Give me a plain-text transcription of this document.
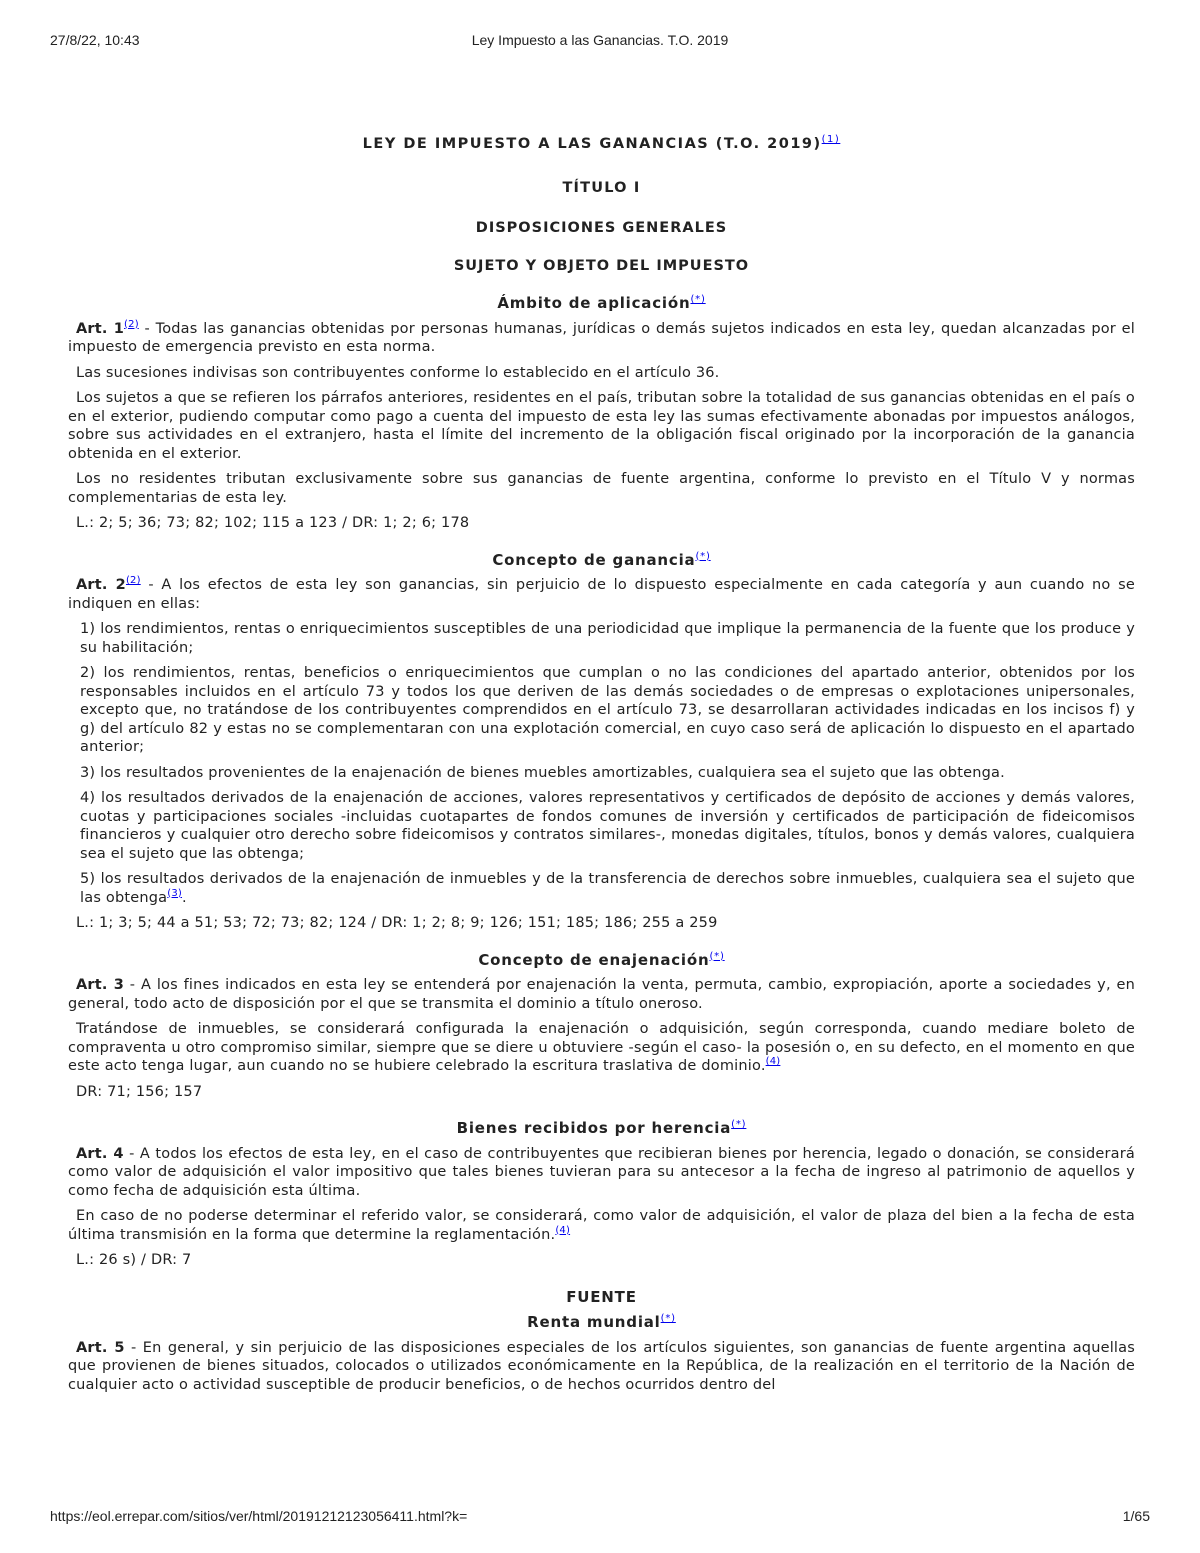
27/8/22, 10:43	Ley Impuesto a las Ganancias. T.O. 2019
LEY DE IMPUESTO A LAS GANANCIAS (T.O. 2019)$^{(1)}$
TÍTULO I
DISPOSICIONES GENERALES
SUJETO Y OBJETO DEL IMPUESTO
Ámbito de aplicación(*)

Art. 1$^{(2)}$ - Todas las ganancias obtenidas por personas humanas, jurídicas o demás sujetos indicados en esta ley, quedan alcanzadas por el impuesto de emergencia previsto en esta norma.

Las sucesiones indivisas son contribuyentes conforme lo establecido en el artículo 36.

Los sujetos a que se refieren los párrafos anteriores, residentes en el país, tributan sobre la totalidad de sus ganancias obtenidas en el país o en el exterior, pudiendo computar como pago a cuenta del impuesto de esta ley las sumas efectivamente abonadas por impuestos análogos, sobre sus actividades en el extranjero, hasta el límite del incremento de la obligación fiscal originado por la incorporación de la ganancia obtenida en el exterior.

Los no residentes tributan exclusivamente sobre sus ganancias de fuente argentina, conforme lo previsto en el Título V y normas complementarias de esta ley.

L.: 2; 5; 36; 73; 82; 102; 115 a 123 / DR: 1; 2; 6; 178

Concepto de ganancia(*)

Art. 2$^{(2)}$ - A los efectos de esta ley son ganancias, sin perjuicio de lo dispuesto especialmente en cada categoría y aun cuando no se indiquen en ellas:

1) los rendimientos, rentas o enriquecimientos susceptibles de una periodicidad que implique la permanencia de la fuente que los produce y su habilitación;

2) los rendimientos, rentas, beneficios o enriquecimientos que cumplan o no las condiciones del apartado anterior, obtenidos por los responsables incluidos en el artículo 73 y todos los que deriven de las demás sociedades o de empresas o explotaciones unipersonales, excepto que, no tratándose de los contribuyentes comprendidos en el artículo 73, se desarrollaran actividades indicadas en los incisos f) y g) del artículo 82 y estas no se complementaran con una explotación comercial, en cuyo caso será de aplicación lo dispuesto en el apartado anterior;

3) los resultados provenientes de la enajenación de bienes muebles amortizables, cualquiera sea el sujeto que las obtenga.

4) los resultados derivados de la enajenación de acciones, valores representativos y certificados de depósito de acciones y demás valores, cuotas y participaciones sociales -incluidas cuotapartes de fondos comunes de inversión y certificados de participación de fideicomisos financieros y cualquier otro derecho sobre fideicomisos y contratos similares-, monedas digitales, títulos, bonos y demás valores, cualquiera sea el sujeto que las obtenga;

5) los resultados derivados de la enajenación de inmuebles y de la transferencia de derechos sobre inmuebles, cualquiera sea el sujeto que las obtenga$^{(3)}$.

L.: 1; 3; 5; 44 a 51; 53; 72; 73; 82; 124 / DR: 1; 2; 8; 9; 126; 151; 185; 186; 255 a 259

Concepto de enajenación(*)

Art. 3 - A los fines indicados en esta ley se entenderá por enajenación la venta, permuta, cambio, expropiación, aporte a sociedades y, en general, todo acto de disposición por el que se transmita el dominio a título oneroso.

Tratándose de inmuebles, se considerará configurada la enajenación o adquisición, según corresponda, cuando mediare boleto de compraventa u otro compromiso similar, siempre que se diere u obtuviere -según el caso- la posesión o, en su defecto, en el momento en que este acto tenga lugar, aun cuando no se hubiere celebrado la escritura traslativa de dominio.$^{(4)}$

DR: 71; 156; 157

Bienes recibidos por herencia(*)

Art. 4 - A todos los efectos de esta ley, en el caso de contribuyentes que recibieran bienes por herencia, legado o donación, se considerará como valor de adquisición el valor impositivo que tales bienes tuvieran para su antecesor a la fecha de ingreso al patrimonio de aquellos y como fecha de adquisición esta última.

En caso de no poderse determinar el referido valor, se considerará, como valor de adquisición, el valor de plaza del bien a la fecha de esta última transmisión en la forma que determine la reglamentación.$^{(4)}$

L.: 26 s) / DR: 7

FUENTE
Renta mundial(*)

Art. 5 - En general, y sin perjuicio de las disposiciones especiales de los artículos siguientes, son ganancias de fuente argentina aquellas que provienen de bienes situados, colocados o utilizados económicamente en la República, de la realización en el territorio de la Nación de cualquier acto o actividad susceptible de producir beneficios, o de hechos ocurridos dentro del

https://eol.errepar.com/sitios/ver/html/20191212123056411.html?k=	1/65
